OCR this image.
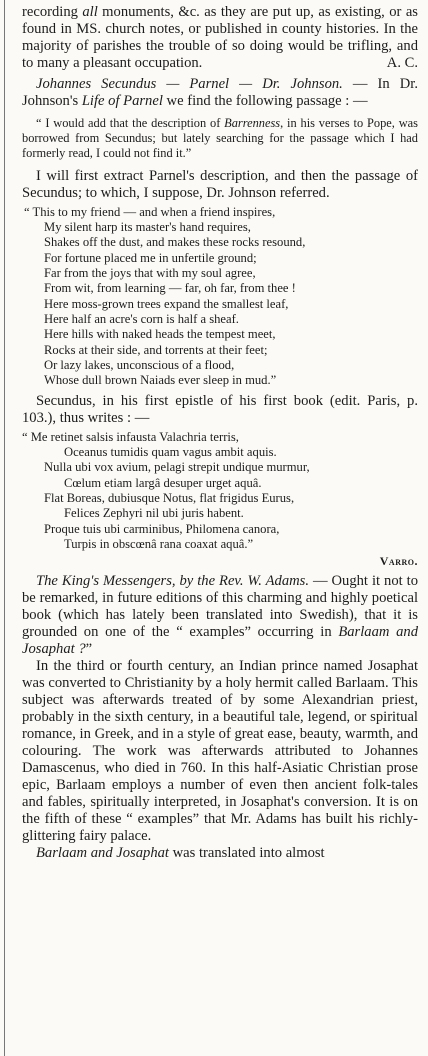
recording all monuments, &c. as they are put up, as existing, or as found in MS. church notes, or published in county histories. In the majority of parishes the trouble of so doing would be trifling, and to many a pleasant occupation.	A. C.

Johannes Secundus — Parnel — Dr. Johnson. — In Dr. Johnson's Life of Parnel we find the following passage : —

“ I would add that the description of Barrenness, in his verses to Pope, was borrowed from Secundus; but lately searching for the passage which I had formerly read, I could not find it.”

I will first extract Parnel's description, and then the passage of Secundus; to which, I suppose, Dr. Johnson referred.

“ This to my friend — and when a friend inspires,
My silent harp its master's hand requires,
Shakes off the dust, and makes these rocks resound,
For fortune placed me in unfertile ground;
Far from the joys that with my soul agree,
From wit, from learning — far, oh far, from thee !
Here moss-grown trees expand the smallest leaf,
Here half an acre's corn is half a sheaf.
Here hills with naked heads the tempest meet,
Rocks at their side, and torrents at their feet;
Or lazy lakes, unconscious of a flood,
Whose dull brown Naiads ever sleep in mud.”

Secundus, in his first epistle of his first book (edit. Paris, p. 103.), thus writes : —

“ Me retinet salsis infausta Valachria terris,
Oceanus tumidis quam vagus ambit aquis.
Nulla ubi vox avium, pelagi strepit undique murmur,
Cœlum etiam largâ desuper urget aquâ.
Flat Boreas, dubiusque Notus, flat frigidus Eurus,
Felices Zephyri nil ubi juris habent.
Proque tuis ubi carminibus, Philomena canora,
Turpis in obscœnâ rana coaxat aquâ.”

Varro.

The King's Messengers, by the Rev. W. Adams. — Ought it not to be remarked, in future editions of this charming and highly poetical book (which has lately been translated into Swedish), that it is grounded on one of the “ examples” occurring in Barlaam and Josaphat ?”

In the third or fourth century, an Indian prince named Josaphat was converted to Christianity by a holy hermit called Barlaam. This subject was afterwards treated of by some Alexandrian priest, probably in the sixth century, in a beautiful tale, legend, or spiritual romance, in Greek, and in a style of great ease, beauty, warmth, and colouring. The work was afterwards attributed to Johannes Damascenus, who died in 760. In this half-Asiatic Christian prose epic, Barlaam employs a number of even then ancient folk-tales and fables, spiritually interpreted, in Josaphat's conversion. It is on the fifth of these “ examples” that Mr. Adams has built his richly-glittering fairy palace.

Barlaam and Josaphat was translated into almost
